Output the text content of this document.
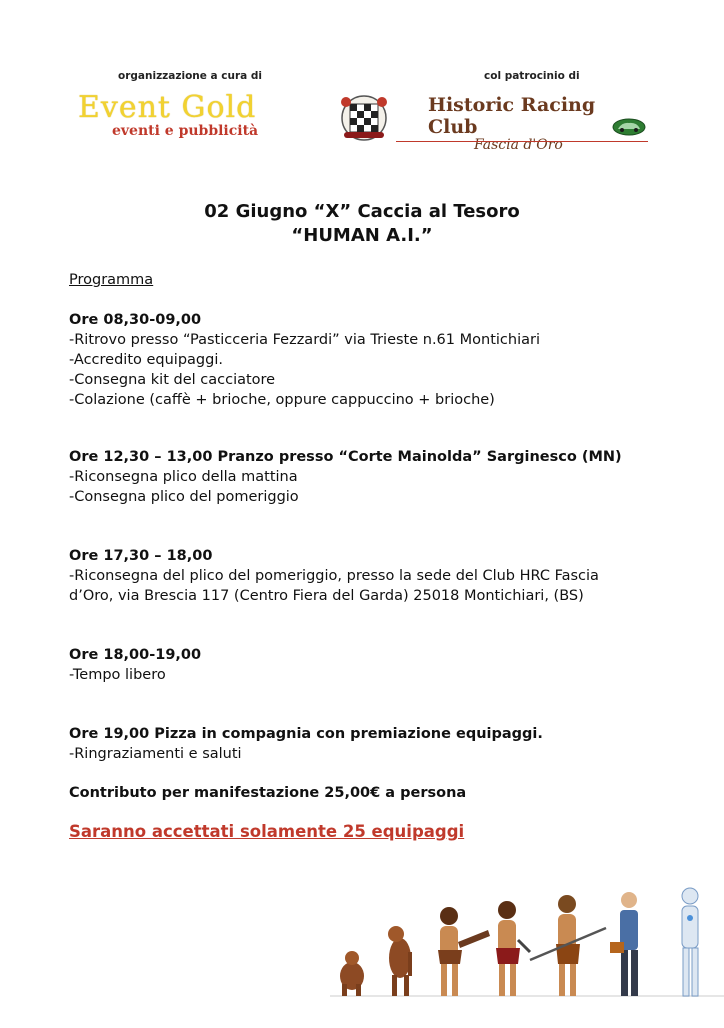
organizzazione a cura di	col patrocinio di
Event Gold
eventi e pubblicità
Historic Racing Club
Fascia d'Oro
02 Giugno “X” Caccia al Tesoro
“HUMAN A.I.”
Programma
Ore 08,30-09,00
-Ritrovo presso “Pasticceria Fezzardi” via Trieste n.61 Montichiari
-Accredito equipaggi.
-Consegna kit del cacciatore
-Colazione (caffè + brioche, oppure cappuccino + brioche)
Ore 12,30 – 13,00 Pranzo presso “Corte Mainolda” Sarginesco (MN)
-Riconsegna plico della mattina
-Consegna plico del pomeriggio
Ore 17,30 – 18,00
-Riconsegna del plico del pomeriggio, presso la sede del Club HRC Fascia
d’Oro, via Brescia 117 (Centro Fiera del Garda) 25018 Montichiari, (BS)
Ore 18,00-19,00
-Tempo libero
Ore 19,00 Pizza in compagnia con premiazione equipaggi.
-Ringraziamenti e saluti
Contributo per manifestazione 25,00€ a persona
Saranno accettati solamente 25 equipaggi
